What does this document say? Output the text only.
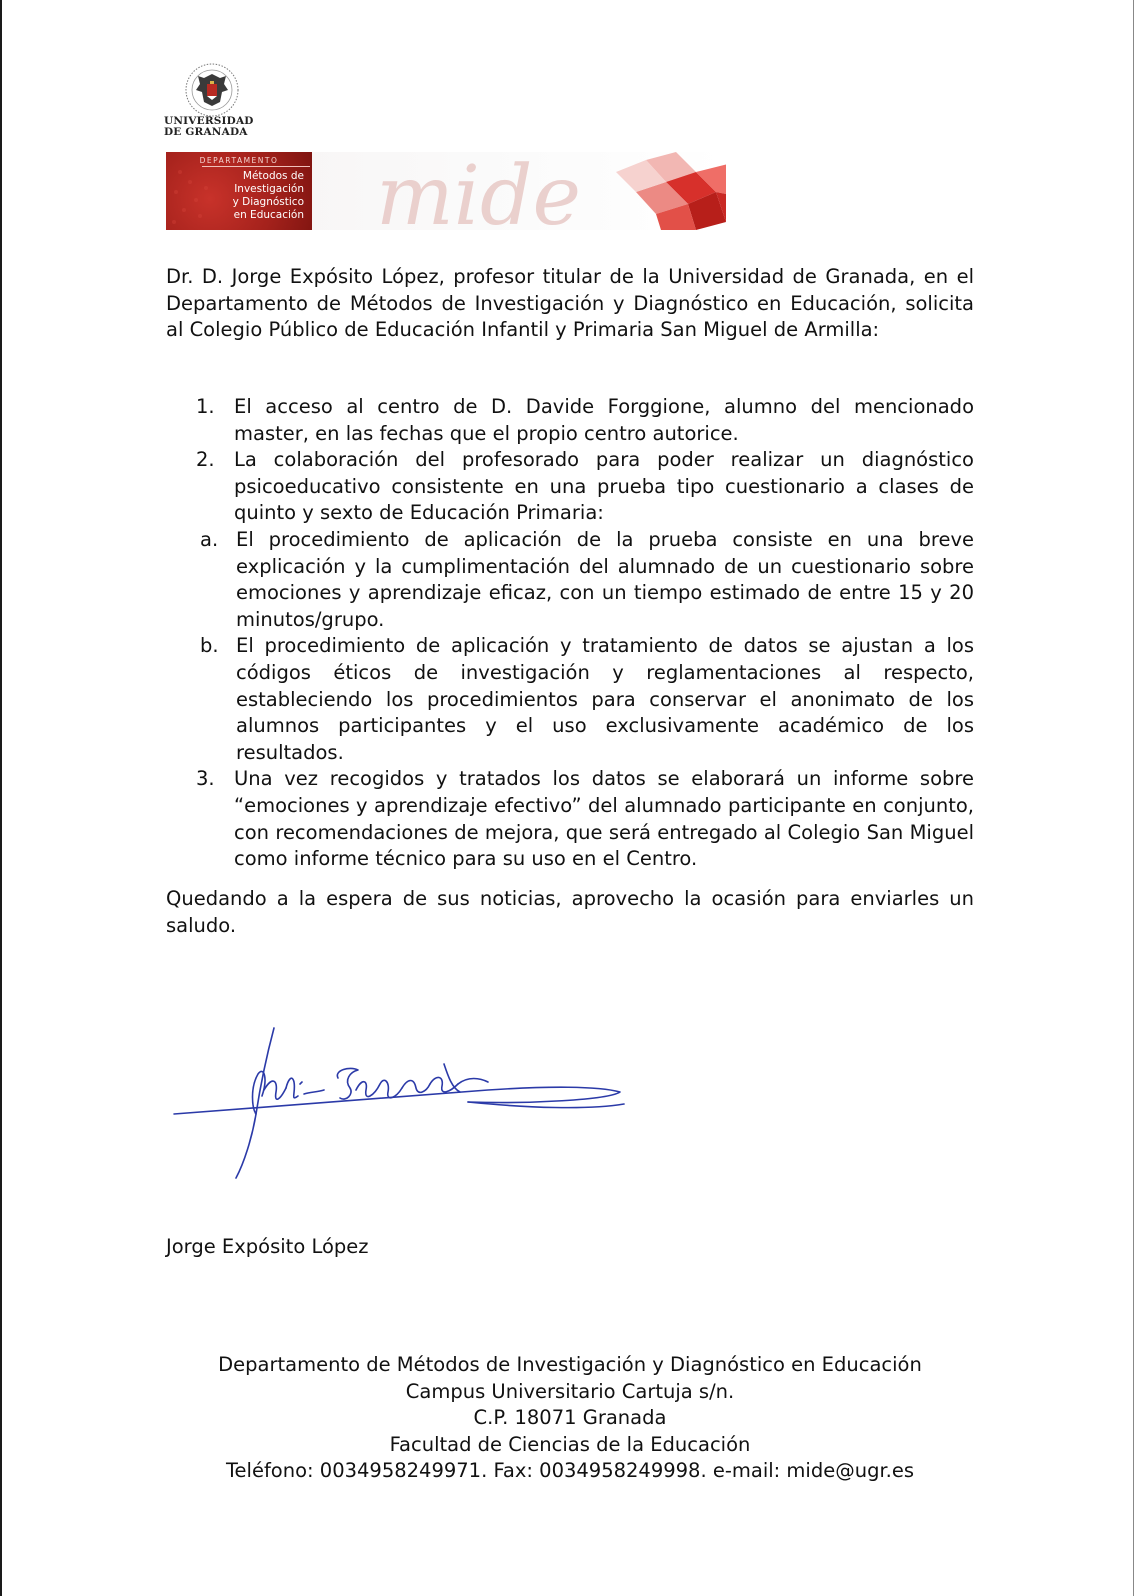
UNIVERSIDAD
DE GRANADA
DEPARTAMENTO
Métodos de
Investigación
y Diagnóstico
en Educación mide

Dr. D. Jorge Expósito López, profesor titular de la Universidad de Granada, en el Departamento de Métodos de Investigación y Diagnóstico en Educación, solicita al Colegio Público de Educación Infantil y Primaria San Miguel de Armilla:

1. El acceso al centro de D. Davide Forggione, alumno del mencionado master, en las fechas que el propio centro autorice.
2. La colaboración del profesorado para poder realizar un diagnóstico psicoeducativo consistente en una prueba tipo cuestionario a clases de quinto y sexto de Educación Primaria:
a. El procedimiento de aplicación de la prueba consiste en una breve explicación y la cumplimentación del alumnado de un cuestionario sobre emociones y aprendizaje eficaz, con un tiempo estimado de entre 15 y 20 minutos/grupo.
b. El procedimiento de aplicación y tratamiento de datos se ajustan a los códigos éticos de investigación y reglamentaciones al respecto, estableciendo los procedimientos para conservar el anonimato de los alumnos participantes y el uso exclusivamente académico de los resultados.
3. Una vez recogidos y tratados los datos se elaborará un informe sobre “emociones y aprendizaje efectivo” del alumnado participante en conjunto, con recomendaciones de mejora, que será entregado al Colegio San Miguel como informe técnico para su uso en el Centro.

Quedando a la espera de sus noticias, aprovecho la ocasión para enviarles un saludo.

Jorge Expósito López
Departamento de Métodos de Investigación y Diagnóstico en Educación
Campus Universitario Cartuja s/n.
C.P. 18071 Granada
Facultad de Ciencias de la Educación
Teléfono: 0034958249971. Fax: 0034958249998. e-mail: mide@ugr.es
